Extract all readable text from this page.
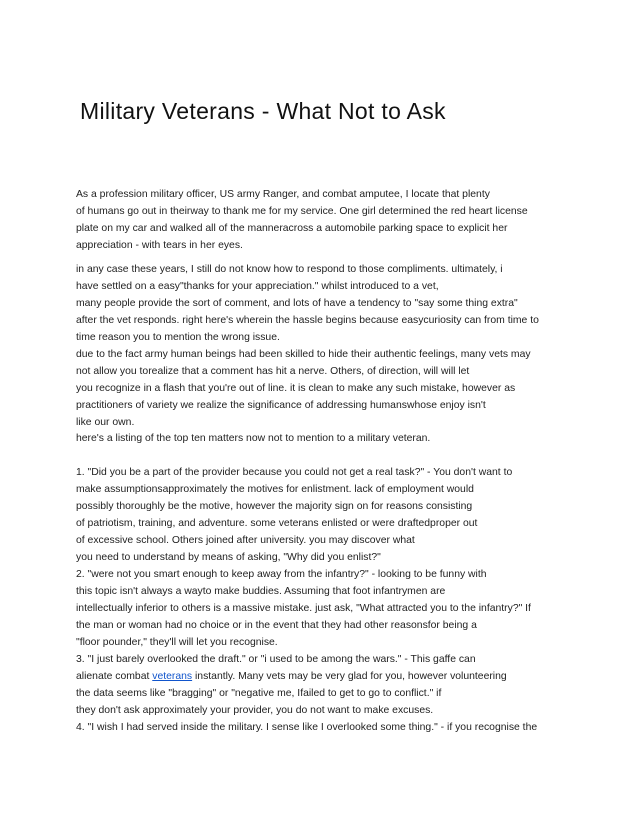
Military Veterans - What Not to Ask
As a profession military officer, US army Ranger, and combat amputee, I locate that plenty
of humans go out in theirway to thank me for my service. One girl determined the red heart license
plate on my car and walked all of the manneracross a automobile parking space to explicit her
appreciation - with tears in her eyes.
in any case these years, I still do not know how to respond to those compliments. ultimately, i
have settled on a easy"thanks for your appreciation." whilst introduced to a vet,
many people provide the sort of comment, and lots of have a tendency to "say some thing extra"
after the vet responds. right here's wherein the hassle begins because easycuriosity can from time to
time reason you to mention the wrong issue.
due to the fact army human beings had been skilled to hide their authentic feelings, many vets may
not allow you torealize that a comment has hit a nerve. Others, of direction, will will let
you recognize in a flash that you're out of line. it is clean to make any such mistake, however as
practitioners of variety we realize the significance of addressing humanswhose enjoy isn't
like our own.
here's a listing of the top ten matters now not to mention to a military veteran.
1. "Did you be a part of the provider because you could not get a real task?" - You don't want to
make assumptionsapproximately the motives for enlistment. lack of employment would
possibly thoroughly be the motive, however the majority sign on for reasons consisting
of patriotism, training, and adventure. some veterans enlisted or were draftedproper out
of excessive school. Others joined after university. you may discover what
you need to understand by means of asking, "Why did you enlist?"
2. "were not you smart enough to keep away from the infantry?" - looking to be funny with
this topic isn't always a wayto make buddies. Assuming that foot infantrymen are
intellectually inferior to others is a massive mistake. just ask, "What attracted you to the infantry?" If
the man or woman had no choice or in the event that they had other reasonsfor being a
"floor pounder," they'll will let you recognise.
3. "I just barely overlooked the draft." or "i used to be among the wars." - This gaffe can
alienate combat veterans instantly. Many vets may be very glad for you, however volunteering
the data seems like "bragging" or "negative me, Ifailed to get to go to conflict." if
they don't ask approximately your provider, you do not want to make excuses.
4. "I wish I had served inside the military. I sense like I overlooked some thing." - if you recognise the
